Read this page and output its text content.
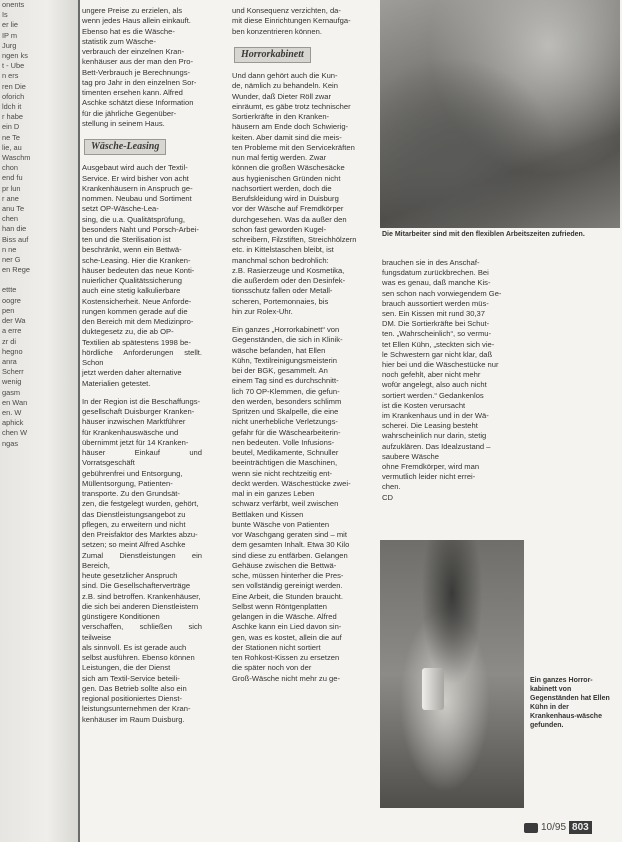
onents
Is
er lie
IP m
Jurg
ngen ks
t - Ube
n ers
ren Die
oforich
ldch it
r habe
ein D
ne Te
lie, au
Waschm
chon
end fu
pr lun
r ane
anu Te
chen
han die
Biss auf
n ne
ner G
en Rege
ettte
oogre
pen
der Wa
a erre
zr di
hegno
anra
Scherr
wenig
gasm
en Wan
en. W
aphick
chen W
ngas
ungere Preise zu erzielen, als
wenn jedes Haus allein einkauft.
Ebenso hat es die Wäsche-
statistik zum Wäsche-
verbrauch der einzelnen Kran-
kenhäuser aus der man den Pro-
Bett-Verbrauch je Berechnungs-
tag pro Jahr in den einzelnen Sor-
timenten ersehen kann. Alfred
Aschke schätzt diese Information
für die jährliche Gegenüber-
stellung in seinem Haus.
Wäsche-Leasing
Ausgebaut wird auch der Textil-
Service. Er wird bisher von acht
Krankenhäusern in Anspruch ge-
nommen. Neubau und Sortiment
setzt OP-Wäsche-Lea-
sing, die u.a. Qualitätsprüfung,
besonders Naht und Porsch-Arbei-
ten und die Sterilisation ist
beschränkt, wenn ein Bettwä-
sche-Leasing. Hier die Kranken-
häuser bedeuten das neue Konti-
nuierlicher Qualitätssicherung
auch eine stetig kalkulierbare
Kostensicherheit. Neue Anforde-
rungen kommen gerade auf die
den Bereich mit dem Medizinpro-
duktegesetz zu, die ab OP-
Textilien ab spätestens 1998 be-
hördliche Anforderungen stellt. Schon
jetzt werden daher alternative
Materialien getestet.
In der Region ist die Beschaffungs-
gesellschaft Duisburger Kranken-
häuser inzwischen Marktführer
für Krankenhauswäsche und
übernimmt jetzt für 14 Kranken-
häuser Einkauf und Vorratsgeschäft
gebührenfrei und Entsorgung,
Müllentsorgung, Patienten-
transporte. Zu den Grundsät-
zen, die festgelegt wurden, gehört,
das Dienstleistungsangebot zu
pflegen, zu erweitern und nicht
den Preisfaktor des Marktes abzu-
setzen; so meint Alfred Aschke
Zumal Dienstleistungen ein Bereich,
heute gesetzlicher Anspruch
sind. Die Gesellschafterverträge
z.B. sind betroffen. Krankenhäuser,
die sich bei anderen Dienstleistern
günstigere Konditionen
verschaffen, schließen sich teilweise
als sinnvoll. Es ist gerade auch
selbst ausführen. Ebenso können
Leistungen, die der Dienst
sich am Textil-Service beteili-
gen. Das Betrieb sollte also ein
regional positioniertes Dienst-
leistungsunternehmen der Kran-
kenhäuser im Raum Duisburg.
und Konsequenz verzichten, da-
mit diese Einrichtungen Kernaufga-
ben konzentrieren können.
Horrorkabinett
Und dann gehört auch die Kun-
de, nämlich zu behandeln. Kein
Wunder, daß Dieter Röll zwar
einräumt, es gäbe trotz technischer
Sortierkräfte in den Kranken-
häusern am Ende doch Schwierig-
keiten. Aber damit sind die meis-
ten Probleme mit den Servicekräften
nun mal fertig werden. Zwar
können die großen Wäschesäcke
aus hygienischen Gründen nicht
nachsortiert werden, doch die
Berufskleidung wird in Duisburg
vor der Wäsche auf Fremdkörper
durchgesehen. Was da außer den
schon fast geworden Kugel-
schreibern, Filzstiften, Streichhölzern
etc. in Kittelstaschen bleibt, ist
manchmal schon bedrohlich:
z.B. Rasierzeuge und Kosmetika,
die außerdem oder den Desinfek-
tionsschutz fallen oder Metall-
scheren, Portemonnaies, bis
hin zur Rolex-Uhr.
Ein ganzes „Horrorkabinett“ von
Gegenständen, die sich in Klinik-
wäsche befanden, hat Ellen
Kühn, Textilreinigungsmeisterin
bei der BGK, gesammelt. An
einem Tag sind es durchschnitt-
lich 70 OP-Klemmen, die gefun-
den werden, besonders schlimm
Spritzen und Skalpelle, die eine
nicht unerhebliche Verletzungs-
gefahr für die Wäschearbeiterin-
nen bedeuten. Volle Infusions-
beutel, Medikamente, Schnuller
beeinträchtigen die Maschinen,
wenn sie nicht rechtzeitig ent-
deckt werden. Wäschestücke zwei-
mal in ein ganzes Leben
schwarz verfärbt, weil zwischen
Bettlaken und Kissen
bunte Wäsche von Patienten
vor Waschgang geraten sind – mit
dem gesamten Inhalt. Etwa 30 Kilo
sind diese zu entfärben. Gelangen
Gehäuse zwischen die Bettwä-
sche, müssen hinterher die Pres-
sen vollständig gereinigt werden.
Eine Arbeit, die Stunden braucht.
Selbst wenn Röntgenplatten
gelangen in die Wäsche. Alfred
Aschke kann ein Lied davon sin-
gen, was es kostet, allein die auf
der Stationen nicht sortiert
ten Rohkost-Kissen zu ersetzen
die später noch von der
Groß-Wäsche nicht mehr zu ge-
Die Mitarbeiter sind mit den flexiblen Arbeitszeiten zufrieden.
brauchen sie in des Anschaf-
fungsdatum zurückbrechen. Bei
was es genau, daß manche Kis-
sen schon nach vorwiegendem Ge-
brauch aussortiert werden müs-
sen. Ein Kissen mit rund 30,37
DM. Die Sortierkräfte bei Schut-
ten. „Wahrscheinlich“, so vermu-
tet Ellen Kühn, „steckten sich vie-
le Schwestern gar nicht klar, daß
hier bei und die Wäschestücke nur
noch gefehlt, aber nicht mehr
wofür angelegt, also auch nicht
sortiert werden.“ Gedankenlos
ist die Kosten verursacht
im Krankenhaus und in der Wä-
scherei. Die Leasing besteht
wahrscheinlich nur darin, stetig
aufzuklären. Das Idealzustand –
saubere Wäsche
ohne Fremdkörper, wird man
vermutlich leider nicht errei-
chen.
CD
Ein ganzes Horror-kabinett von Gegenständen hat Ellen Kühn in der Krankenhaus-wäsche gefunden.
10/95 803
